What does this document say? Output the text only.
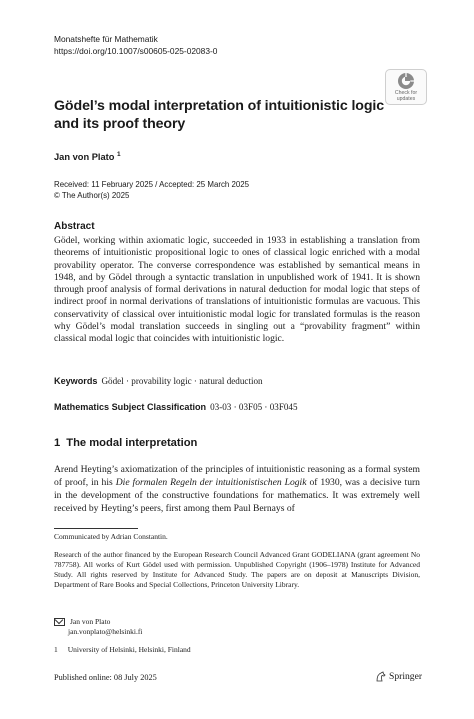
Monatshefte für Mathematik
https://doi.org/10.1007/s00605-025-02083-0
Check for
updates
Gödel’s modal interpretation of intuitionistic logic and its proof theory
Jan von Plato $^1$
Received: 11 February 2025 / Accepted: 25 March 2025
© The Author(s) 2025
Abstract
Gödel, working within axiomatic logic, succeeded in 1933 in establishing a translation from theorems of intuitionistic propositional logic to ones of classical logic enriched with a modal provability operator. The converse correspondence was established by semantical means in 1948, and by Gödel through a syntactic translation in unpublished work of 1941. It is shown through proof analysis of formal derivations in natural deduction for modal logic that steps of indirect proof in normal derivations of translations of intuitionistic formulas are vacuous. This conservativity of classical over intuitionistic modal logic for translated formulas is the reason why Gödel’s modal translation succeeds in singling out a “provability fragment” within classical modal logic that coincides with intuitionistic logic.
Keywords Gödel · provability logic · natural deduction
Mathematics Subject Classification 03-03 · 03F05 · 03F045
1 The modal interpretation
Arend Heyting’s axiomatization of the principles of intuitionistic reasoning as a formal system of proof, in his Die formalen Regeln der intuitionistischen Logik of 1930, was a decisive turn in the development of the constructive foundations for mathematics. It was extremely well received by Heyting’s peers, first among them Paul Bernays of
Communicated by Adrian Constantin.
Research of the author financed by the European Research Council Advanced Grant GODELIANA (grant agreement No 787758). All works of Kurt Gödel used with permission. Unpublished Copyright (1906–1978) Institute for Advanced Study. All rights reserved by Institute for Advanced Study. The papers are on deposit at Manuscripts Division, Department of Rare Books and Special Collections, Princeton University Library.
Jan von Plato
jan.vonplato@helsinki.fi
1 University of Helsinki, Helsinki, Finland
Published online: 08 July 2025	Springer
